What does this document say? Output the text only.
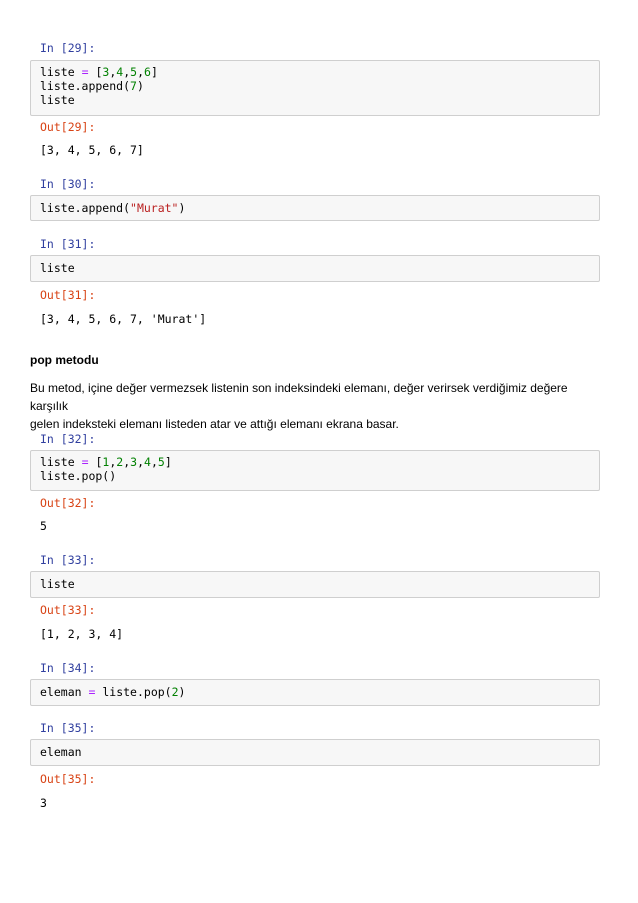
In [29]:
liste = [3,4,5,6]
liste.append(7)
liste
Out[29]:
[3, 4, 5, 6, 7]
In [30]:
liste.append("Murat")
In [31]:
liste
Out[31]:
[3, 4, 5, 6, 7, 'Murat']
pop metodu
Bu metod, içine değer vermezsek listenin son indeksindeki elemanı, değer verirsek verdiğimiz değere karşılık
gelen indeksteki elemanı listeden atar ve attığı elemanı ekrana basar.
In [32]:
liste = [1,2,3,4,5]
liste.pop()
Out[32]:
5
In [33]:
liste
Out[33]:
[1, 2, 3, 4]
In [34]:
eleman = liste.pop(2)
In [35]:
eleman
Out[35]:
3
